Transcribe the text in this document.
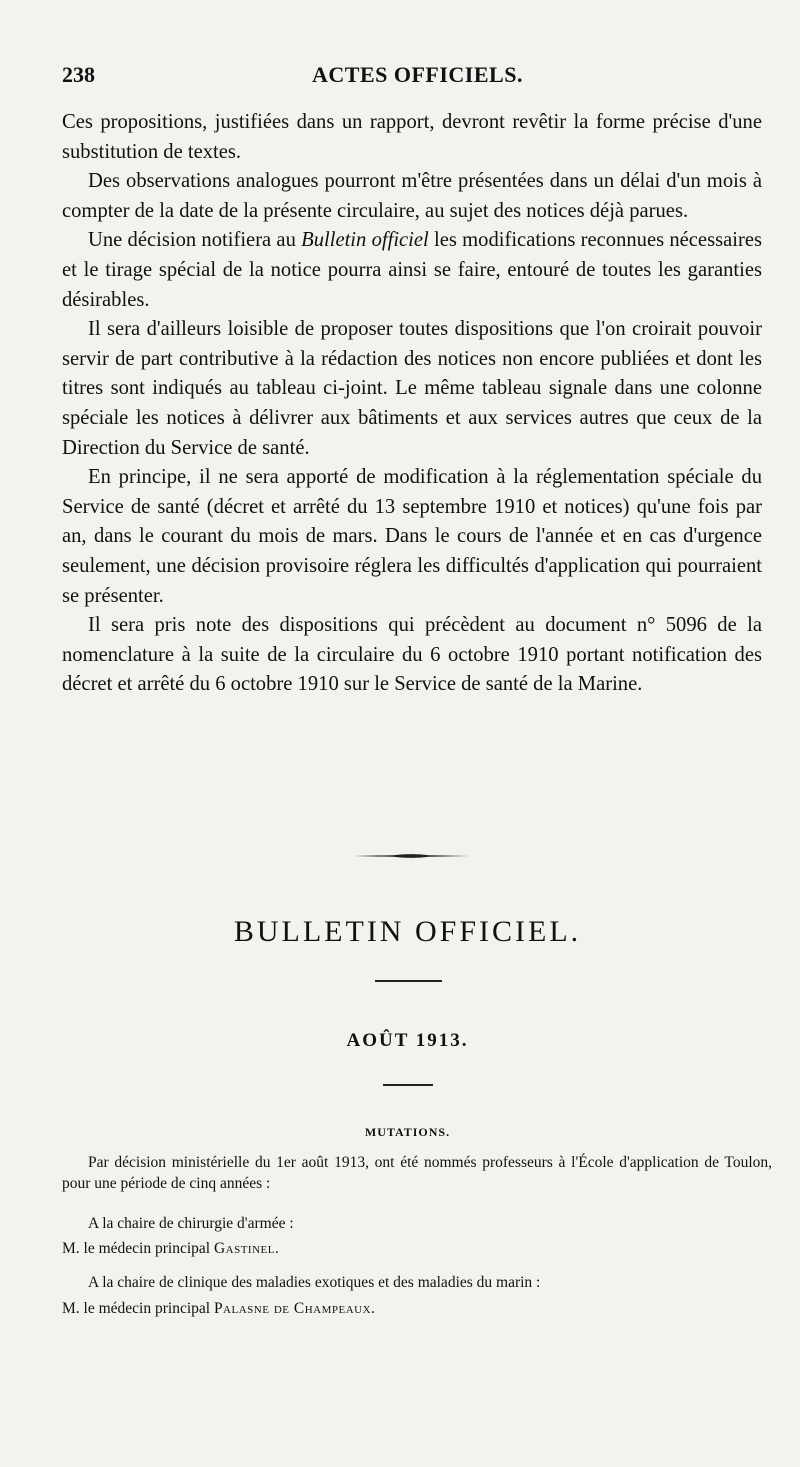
238	ACTES OFFICIELS.

Ces propositions, justifiées dans un rapport, devront revêtir la forme précise d'une substitution de textes.

Des observations analogues pourront m'être présentées dans un délai d'un mois à compter de la date de la présente circulaire, au sujet des notices déjà parues.

Une décision notifiera au Bulletin officiel les modifications reconnues nécessaires et le tirage spécial de la notice pourra ainsi se faire, entouré de toutes les garanties désirables.

Il sera d'ailleurs loisible de proposer toutes dispositions que l'on croirait pouvoir servir de part contributive à la rédaction des notices non encore publiées et dont les titres sont indiqués au tableau ci-joint. Le même tableau signale dans une colonne spéciale les notices à délivrer aux bâtiments et aux services autres que ceux de la Direction du Service de santé.

En principe, il ne sera apporté de modification à la réglementation spéciale du Service de santé (décret et arrêté du 13 septembre 1910 et notices) qu'une fois par an, dans le courant du mois de mars. Dans le cours de l'année et en cas d'urgence seulement, une décision provisoire réglera les difficultés d'application qui pourraient se présenter.

Il sera pris note des dispositions qui précèdent au document n° 5096 de la nomenclature à la suite de la circulaire du 6 octobre 1910 portant notification des décret et arrêté du 6 octobre 1910 sur le Service de santé de la Marine.

BULLETIN OFFICIEL.
AOÛT 1913.
MUTATIONS.

Par décision ministérielle du 1er août 1913, ont été nommés professeurs à l'École d'application de Toulon, pour une période de cinq années :

A la chaire de chirurgie d'armée :

M. le médecin principal Gastinel.

A la chaire de clinique des maladies exotiques et des maladies du marin :

M. le médecin principal Palasne de Champeaux.
